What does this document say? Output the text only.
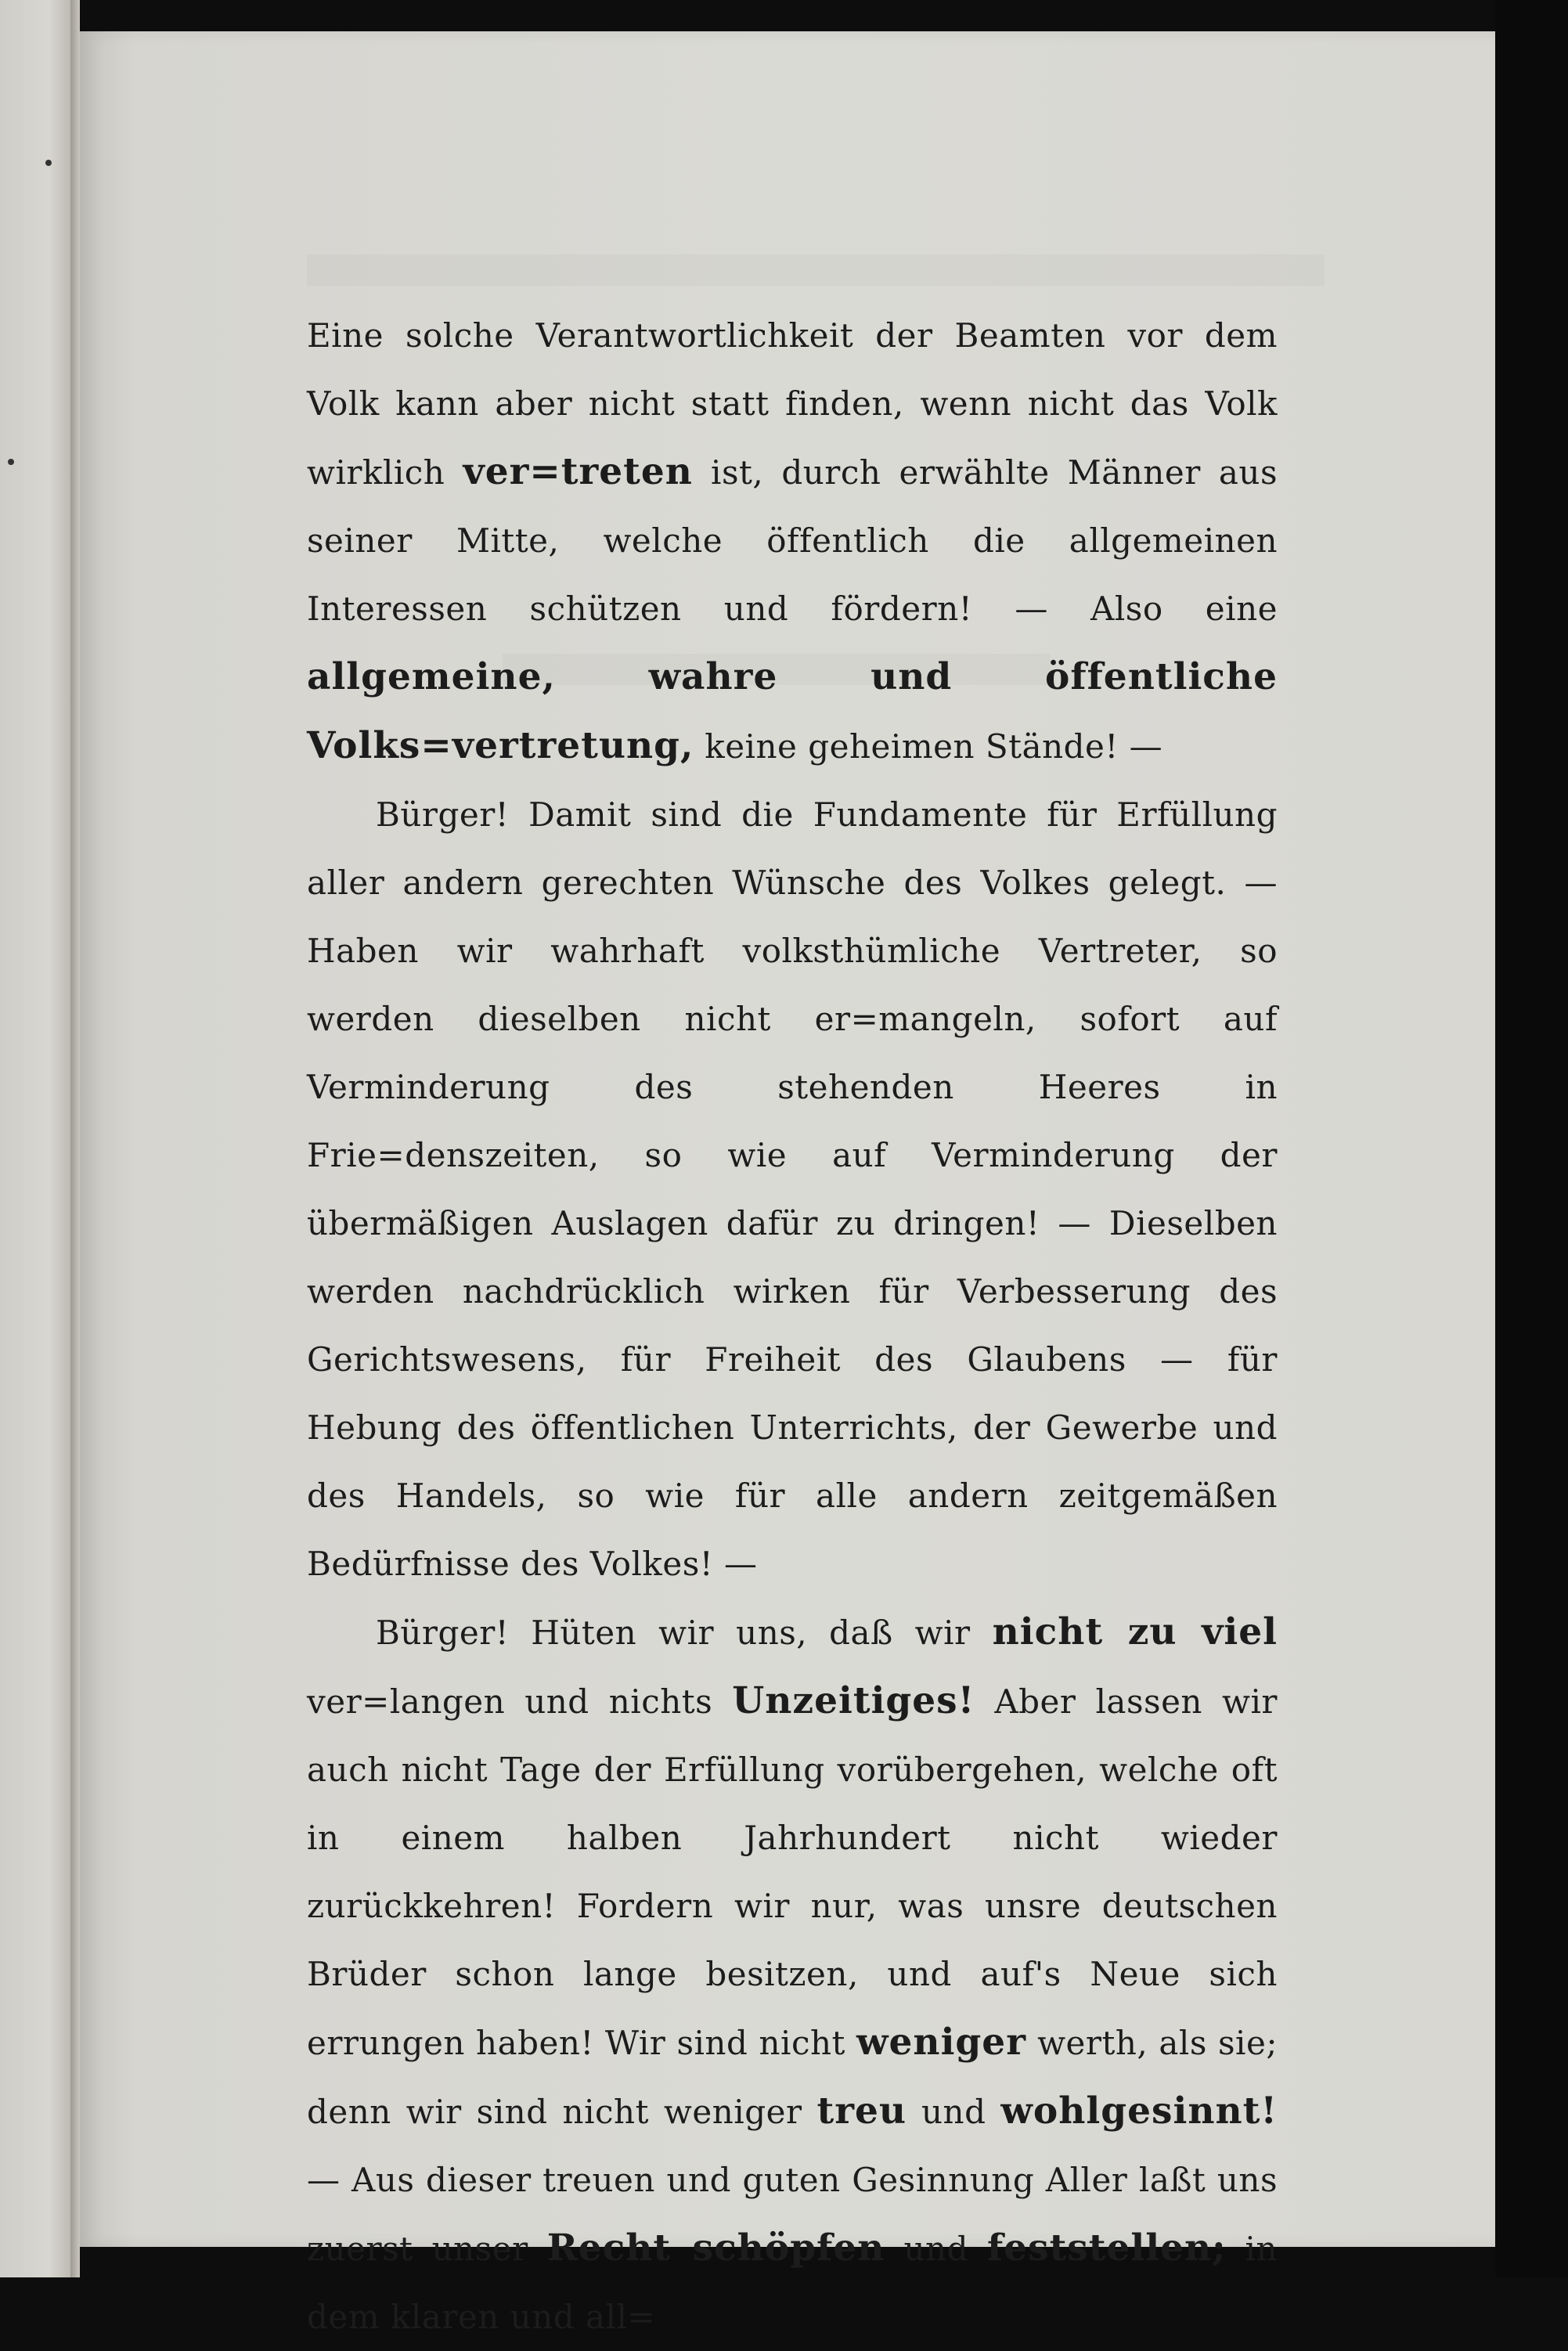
Eine solche Verantwortlichkeit der Beamten vor dem Volk kann aber nicht statt finden, wenn nicht das Volk wirklich ver=treten ist, durch erwählte Männer aus seiner Mitte, welche öffentlich die allgemeinen Interessen schützen und fördern! — Also eine allgemeine, wahre und öffentliche Volks=vertretung, keine geheimen Stände! —

Bürger! Damit sind die Fundamente für Erfüllung aller andern gerechten Wünsche des Volkes gelegt. — Haben wir wahrhaft volksthümliche Vertreter, so werden dieselben nicht er=mangeln, sofort auf Verminderung des stehenden Heeres in Frie=denszeiten, so wie auf Verminderung der übermäßigen Auslagen dafür zu dringen! — Dieselben werden nachdrücklich wirken für Verbesserung des Gerichtswesens, für Freiheit des Glaubens — für Hebung des öffentlichen Unterrichts, der Gewerbe und des Handels, so wie für alle andern zeitgemäßen Bedürfnisse des Volkes! —

Bürger! Hüten wir uns, daß wir nicht zu viel ver=langen und nichts Unzeitiges! Aber lassen wir auch nicht Tage der Erfüllung vorübergehen, welche oft in einem halben Jahrhundert nicht wieder zurückkehren! Fordern wir nur, was unsre deutschen Brüder schon lange besitzen, und auf's Neue sich errungen haben! Wir sind nicht weniger werth, als sie; denn wir sind nicht weniger treu und wohlgesinnt! — Aus dieser treuen und guten Gesinnung Aller laßt uns zuerst unser Recht schöpfen und feststellen; in dem klaren und all=
